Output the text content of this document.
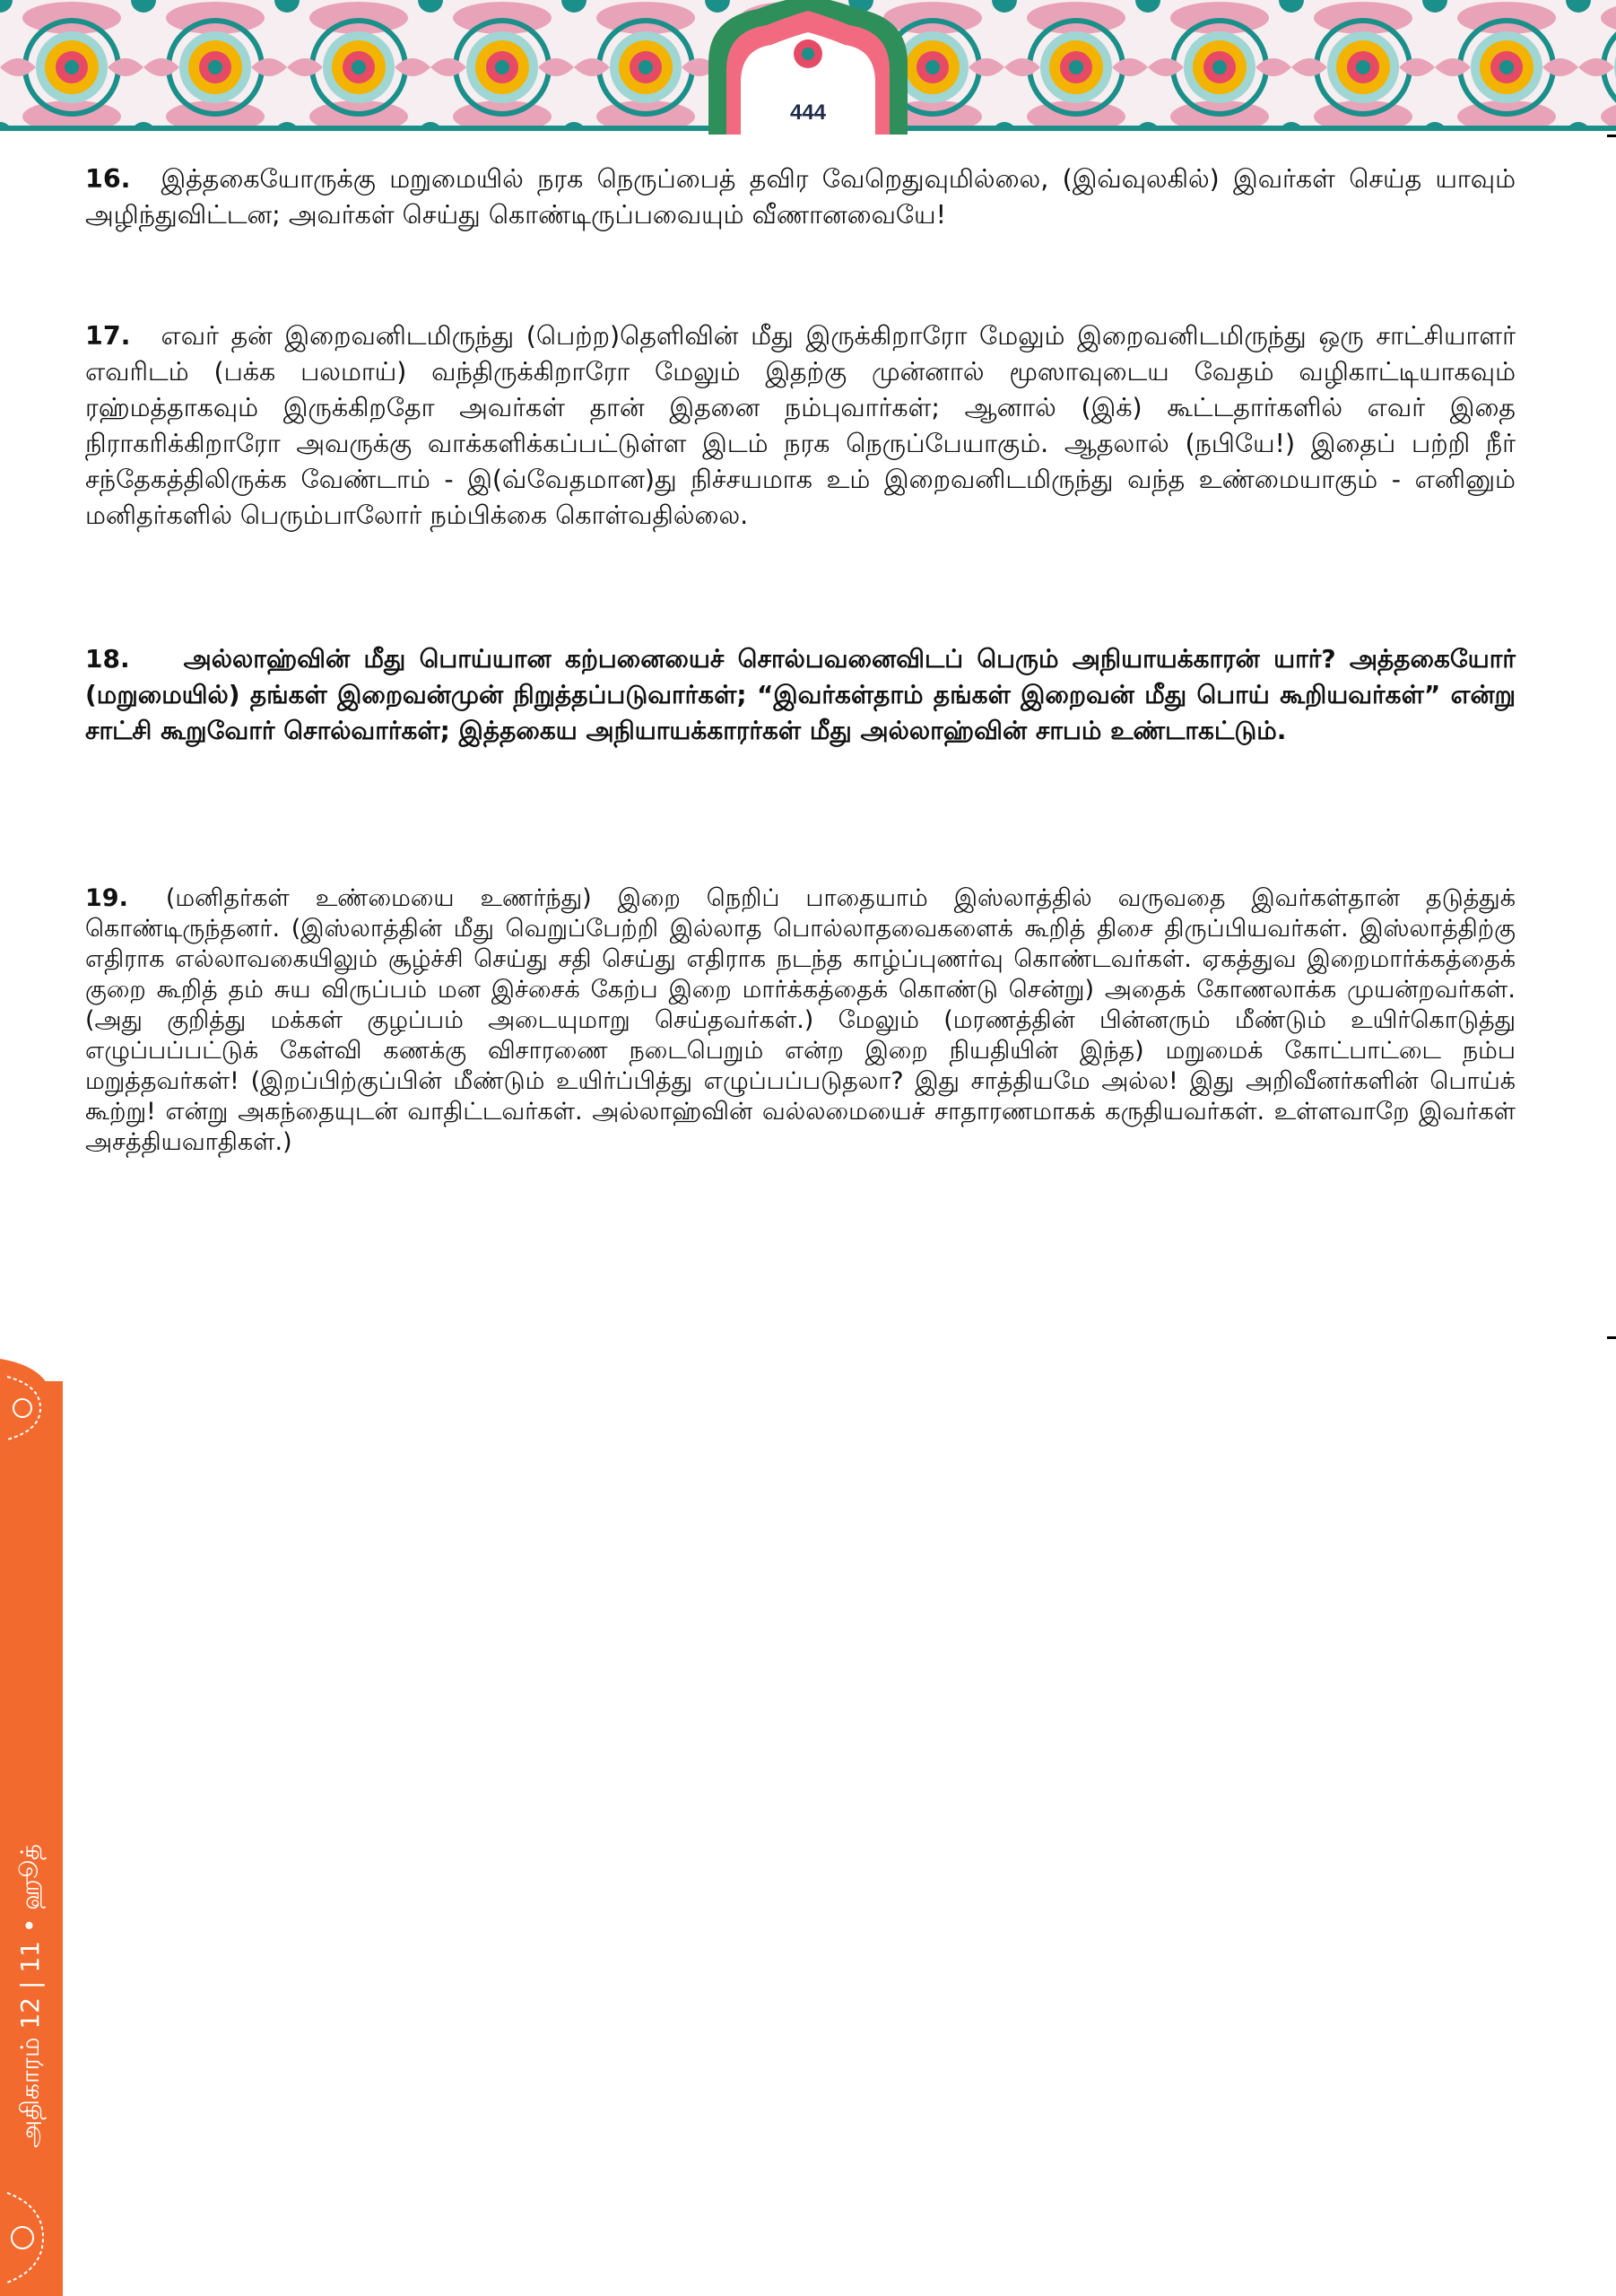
444
அதிகாரம் 12 | 11 • ஹூத்
16. இத்தகையோருக்கு மறுமையில் நரக நெருப்பைத் தவிர வேறெதுவுமில்லை, (இவ்வுலகில்) இவர்கள் செய்த யாவும் அழிந்துவிட்டன; அவர்கள் செய்து கொண்டிருப்பவையும் வீணானவையே!
17. எவர் தன் இறைவனிடமிருந்து (பெற்ற)தெளிவின் மீது இருக்கிறாரோ மேலும் இறைவனிடமிருந்து ஒரு சாட்சியாளர் எவரிடம் (பக்க பலமாய்) வந்திருக்கிறாரோ மேலும் இதற்கு முன்னால் மூஸாவுடைய வேதம் வழிகாட்டியாகவும் ரஹ்மத்தாகவும் இருக்கிறதோ அவர்கள் தான் இதனை நம்புவார்கள்; ஆனால் (இக்) கூட்டதார்களில் எவர் இதை நிராகரிக்கிறாரோ அவருக்கு வாக்களிக்கப்பட்டுள்ள இடம் நரக நெருப்பேயாகும். ஆதலால் (நபியே!) இதைப் பற்றி நீர் சந்தேகத்திலிருக்க வேண்டாம் - இ(வ்வேதமான)து நிச்சயமாக உம் இறைவனிடமிருந்து வந்த உண்மையாகும் - எனினும் மனிதர்களில் பெரும்பாலோர் நம்பிக்கை கொள்வதில்லை.
18. அல்லாஹ்வின் மீது பொய்யான கற்பனையைச் சொல்பவனைவிடப் பெரும் அநியாயக்காரன் யார்? அத்தகையோர் (மறுமையில்) தங்கள் இறைவன்முன் நிறுத்தப்படுவார்கள்; “இவர்கள்தாம் தங்கள் இறைவன் மீது பொய் கூறியவர்கள்” என்று சாட்சி கூறுவோர் சொல்வார்கள்; இத்தகைய அநியாயக்காரர்கள் மீது அல்லாஹ்வின் சாபம் உண்டாகட்டும்.
19. (மனிதர்கள் உண்மையை உணர்ந்து) இறை நெறிப் பாதையாம் இஸ்லாத்தில் வருவதை இவர்கள்தான் தடுத்துக் கொண்டிருந்தனர். (இஸ்லாத்தின் மீது வெறுப்பேற்றி இல்லாத பொல்லாதவைகளைக் கூறித் திசை திருப்பியவர்கள். இஸ்லாத்திற்கு எதிராக எல்லாவகையிலும் சூழ்ச்சி செய்து சதி செய்து எதிராக நடந்த காழ்ப்புணர்வு கொண்டவர்கள். ஏகத்துவ இறைமார்க்கத்தைக் குறை கூறித் தம் சுய விருப்பம் மன இச்சைக் கேற்ப இறை மார்க்கத்தைக் கொண்டு சென்று) அதைக் கோணலாக்க முயன்றவர்கள். (அது குறித்து மக்கள் குழப்பம் அடையுமாறு செய்தவர்கள்.) மேலும் (மரணத்தின் பின்னரும் மீண்டும் உயிர்கொடுத்து எழுப்பப்பட்டுக் கேள்வி கணக்கு விசாரணை நடைபெறும் என்ற இறை நியதியின் இந்த) மறுமைக் கோட்பாட்டை நம்ப மறுத்தவர்கள்! (இறப்பிற்குப்பின் மீண்டும் உயிர்ப்பித்து எழுப்பப்படுதலா? இது சாத்தியமே அல்ல! இது அறிவீனர்களின் பொய்க் கூற்று! என்று அகந்தையுடன் வாதிட்டவர்கள். அல்லாஹ்வின் வல்லமையைச் சாதாரணமாகக் கருதியவர்கள். உள்ளவாறே இவர்கள் அசத்தியவாதிகள்.)
